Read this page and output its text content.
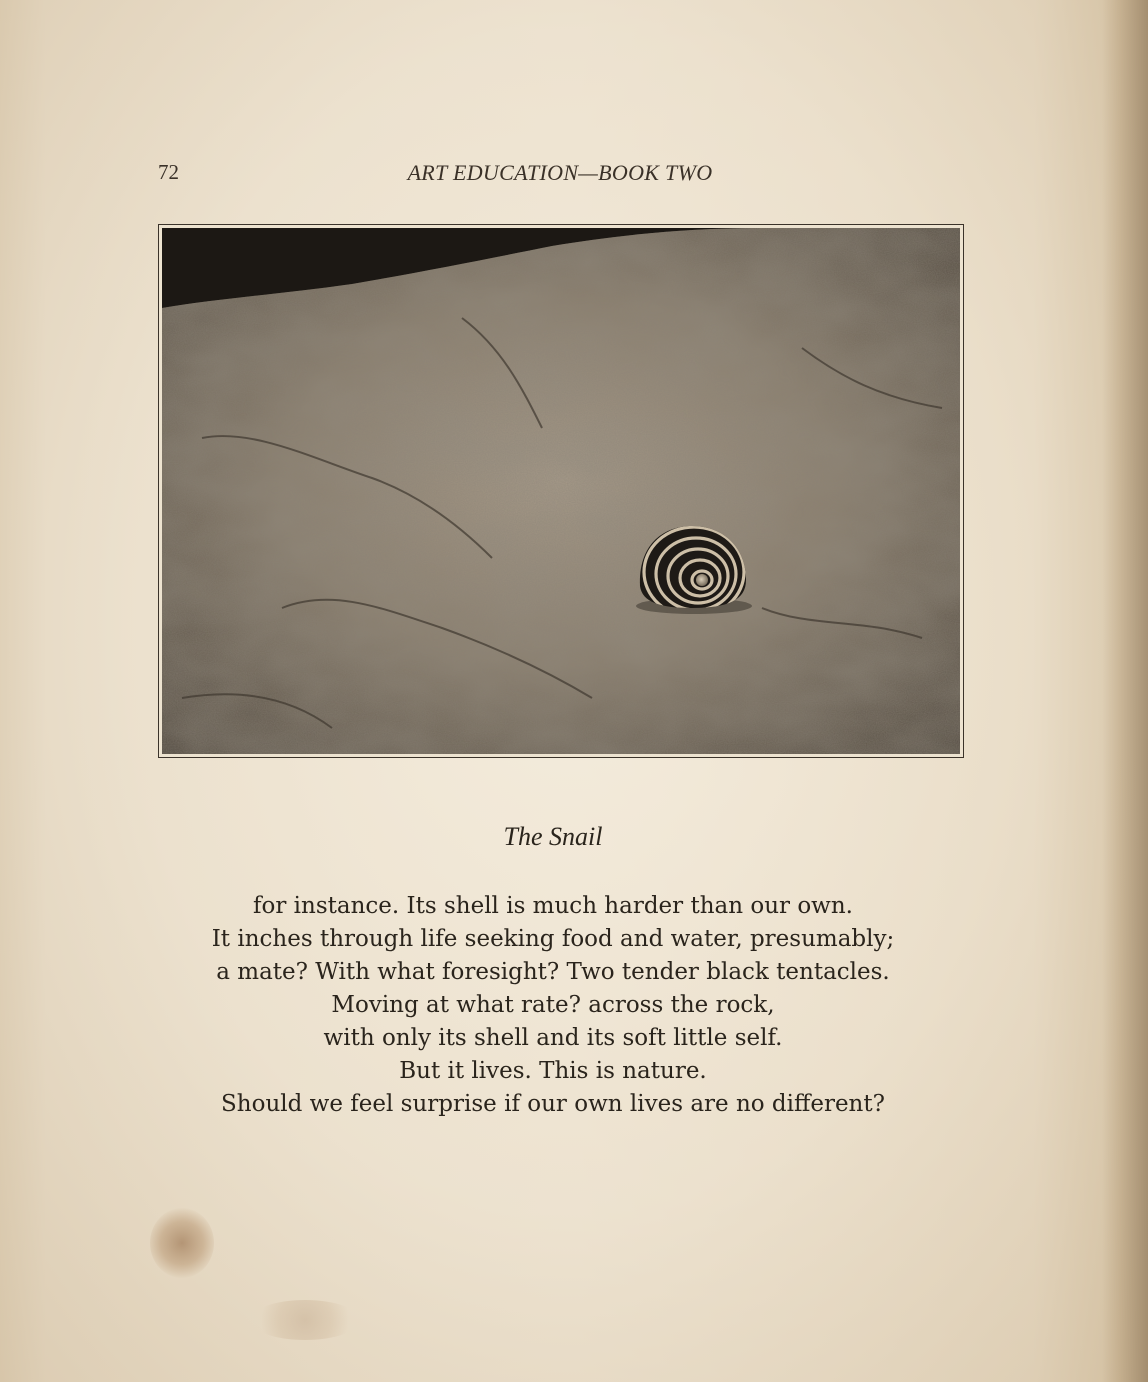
72	ART EDUCATION—BOOK TWO
The Snail
for instance. Its shell is much harder than our own.
It inches through life seeking food and water, presumably;
a mate? With what foresight? Two tender black tentacles.
Moving at what rate? across the rock,
with only its shell and its soft little self.
But it lives. This is nature.
Should we feel surprise if our own lives are no different?
